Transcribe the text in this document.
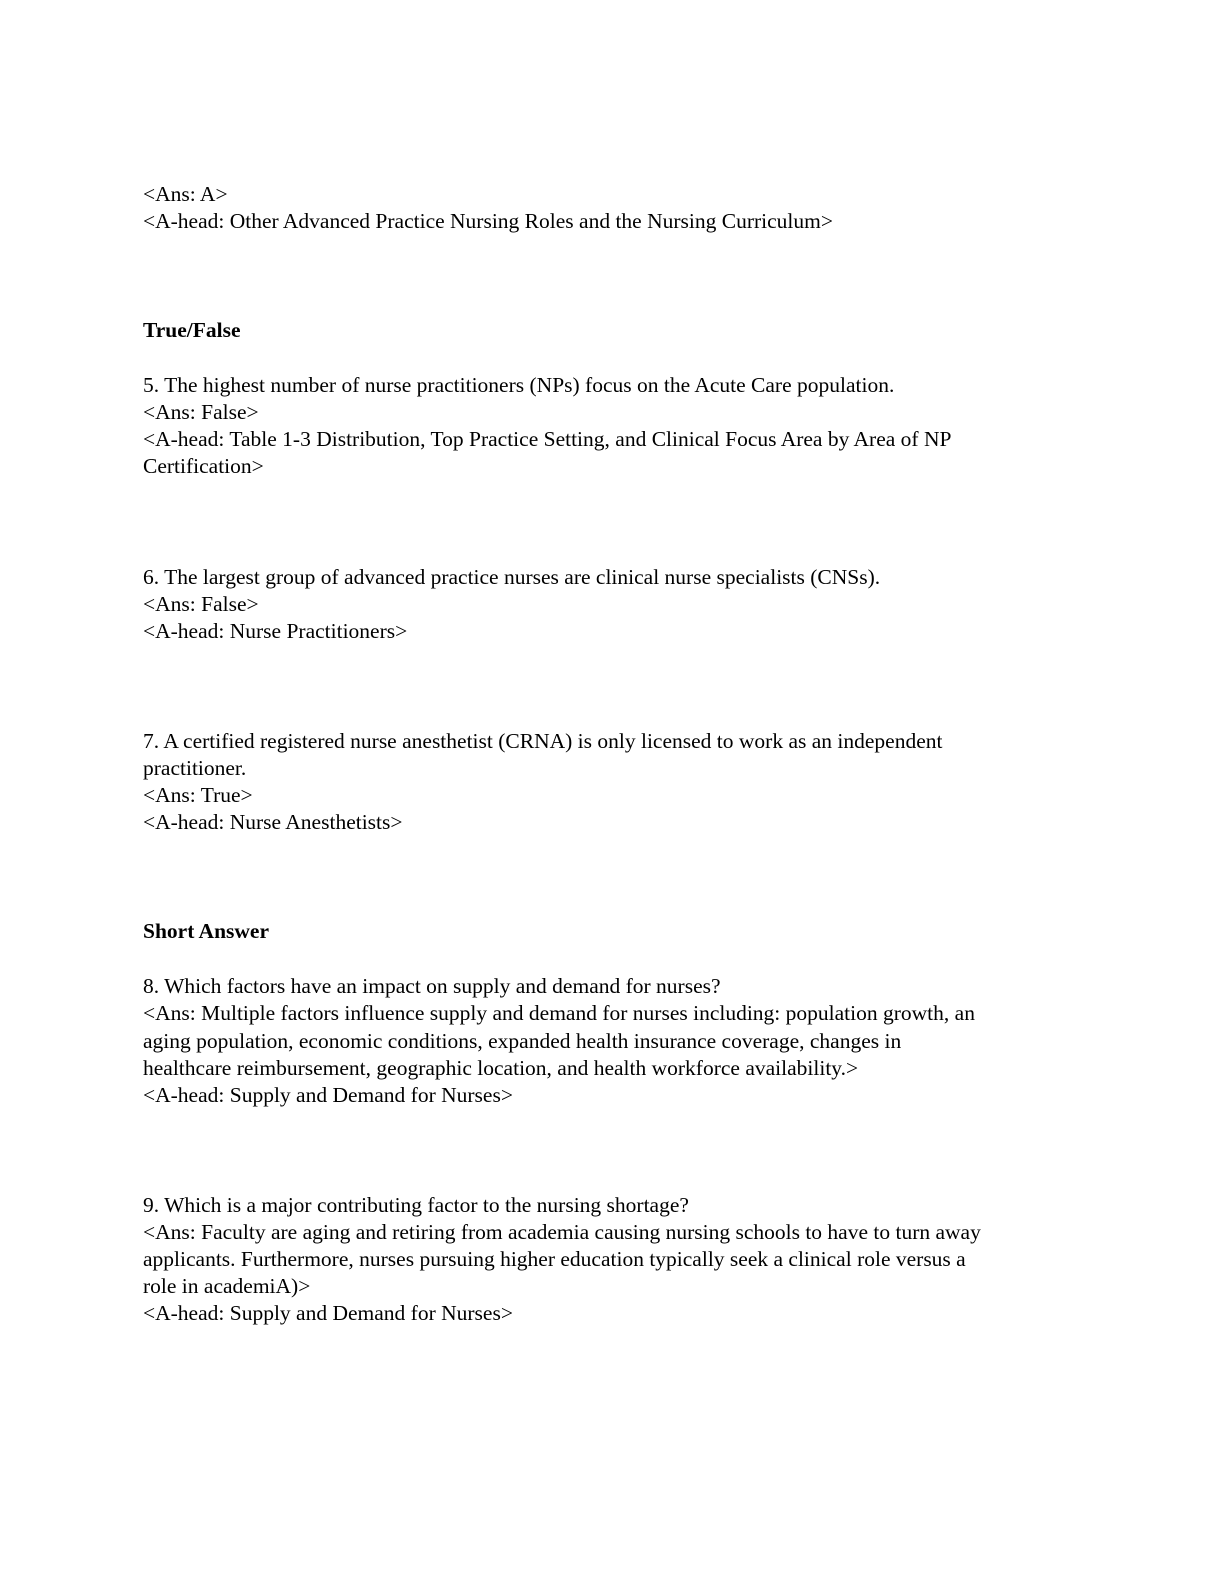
<Ans: A>
<A-head: Other Advanced Practice Nursing Roles and the Nursing Curriculum>
True/False
5. The highest number of nurse practitioners (NPs) focus on the Acute Care population.
<Ans: False>
<A-head: Table 1-3 Distribution, Top Practice Setting, and Clinical Focus Area by Area of NP
Certification>
6. The largest group of advanced practice nurses are clinical nurse specialists (CNSs).
<Ans: False>
<A-head: Nurse Practitioners>
7. A certified registered nurse anesthetist (CRNA) is only licensed to work as an independent
practitioner.
<Ans: True>
<A-head: Nurse Anesthetists>
Short Answer
8. Which factors have an impact on supply and demand for nurses?
<Ans: Multiple factors influence supply and demand for nurses including: population growth, an
aging population, economic conditions, expanded health insurance coverage, changes in
healthcare reimbursement, geographic location, and health workforce availability.>
<A-head: Supply and Demand for Nurses>
9. Which is a major contributing factor to the nursing shortage?
<Ans: Faculty are aging and retiring from academia causing nursing schools to have to turn away
applicants. Furthermore, nurses pursuing higher education typically seek a clinical role versus a
role in academiA)>
<A-head: Supply and Demand for Nurses>
